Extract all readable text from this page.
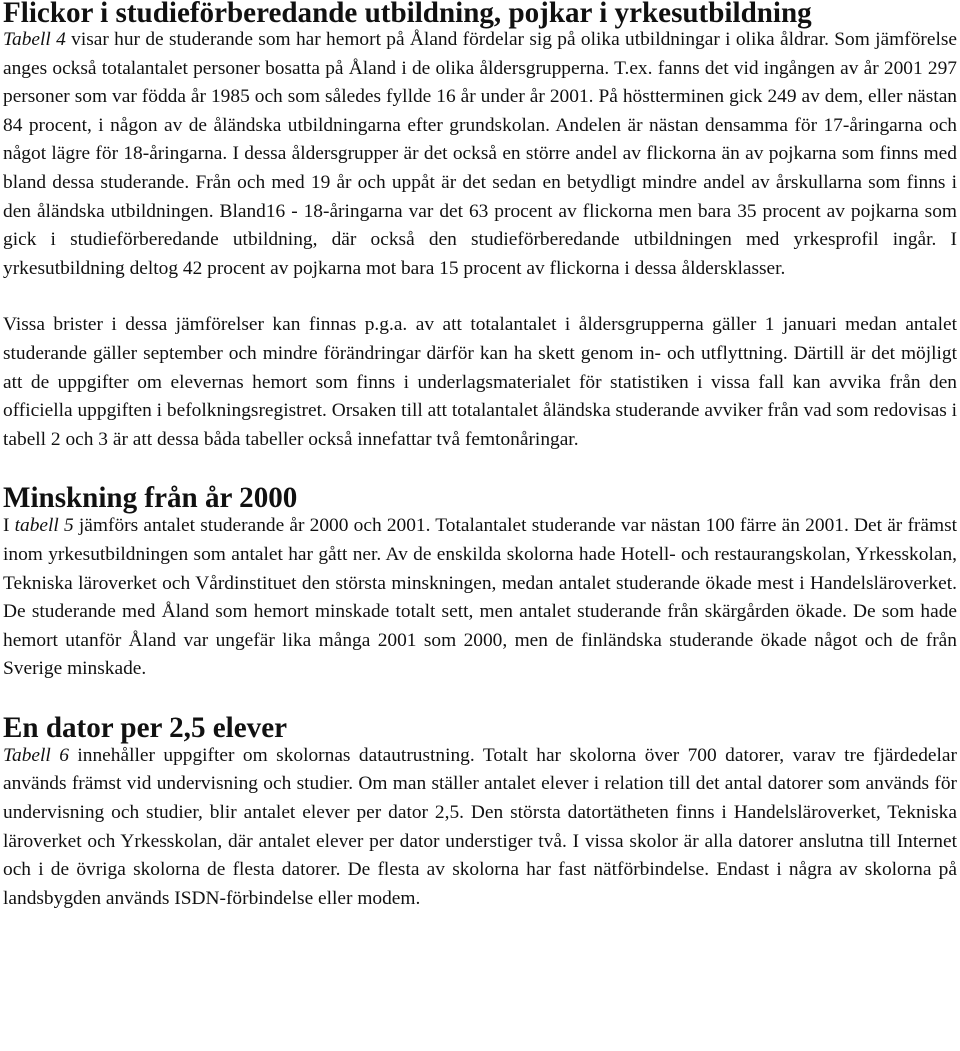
Flickor i studieförberedande utbildning, pojkar i yrkesutbildning

Tabell 4 visar hur de studerande som har hemort på Åland fördelar sig på olika utbildningar i olika åldrar. Som jämförelse anges också totalantalet personer bosatta på Åland i de olika åldersgrupperna. T.ex. fanns det vid ingången av år 2001 297 personer som var födda år 1985 och som således fyllde 16 år under år 2001. På höstterminen gick 249 av dem, eller nästan 84 procent, i någon av de åländska utbildningarna efter grundskolan. Andelen är nästan densamma för 17-åringarna och något lägre för 18-åringarna. I dessa åldersgrupper är det också en större andel av flickorna än av pojkarna som finns med bland dessa studerande. Från och med 19 år och uppåt är det sedan en betydligt mindre andel av årskullarna som finns i den åländska utbildningen. Bland16 - 18-åringarna var det 63 procent av flickorna men bara 35 procent av pojkarna som gick i studieförberedande utbildning, där också den studieförberedande utbildningen med yrkesprofil ingår. I yrkesutbildning deltog 42 procent av pojkarna mot bara 15 procent av flickorna i dessa åldersklasser.

Vissa brister i dessa jämförelser kan finnas p.g.a. av att totalantalet i åldersgrupperna gäller 1 januari medan antalet studerande gäller september och mindre förändringar därför kan ha skett genom in- och utflyttning. Därtill är det möjligt att de uppgifter om elevernas hemort som finns i underlagsmaterialet för statistiken i vissa fall kan avvika från den officiella uppgiften i befolkningsregistret. Orsaken till att totalantalet åländska studerande avviker från vad som redovisas i tabell 2 och 3 är att dessa båda tabeller också innefattar två femtonåringar.

Minskning från år 2000

I tabell 5 jämförs antalet studerande år 2000 och 2001. Totalantalet studerande var nästan 100 färre än 2001. Det är främst inom yrkesutbildningen som antalet har gått ner. Av de enskilda skolorna hade Hotell- och restaurangskolan, Yrkesskolan, Tekniska läroverket och Vårdinstituet den största minskningen, medan antalet studerande ökade mest i Handelsläroverket. De studerande med Åland som hemort minskade totalt sett, men antalet studerande från skärgården ökade. De som hade hemort utanför Åland var ungefär lika många 2001 som 2000, men de finländska studerande ökade något och de från Sverige minskade.

En dator per 2,5 elever

Tabell 6 innehåller uppgifter om skolornas datautrustning. Totalt har skolorna över 700 datorer, varav tre fjärdedelar används främst vid undervisning och studier. Om man ställer antalet elever i relation till det antal datorer som används för undervisning och studier, blir antalet elever per dator 2,5. Den största datortätheten finns i Handelsläroverket, Tekniska läroverket och Yrkesskolan, där antalet elever per dator understiger två. I vissa skolor är alla datorer anslutna till Internet och i de övriga skolorna de flesta datorer. De flesta av skolorna har fast nätförbindelse. Endast i några av skolorna på landsbygden används ISDN-förbindelse eller modem.
